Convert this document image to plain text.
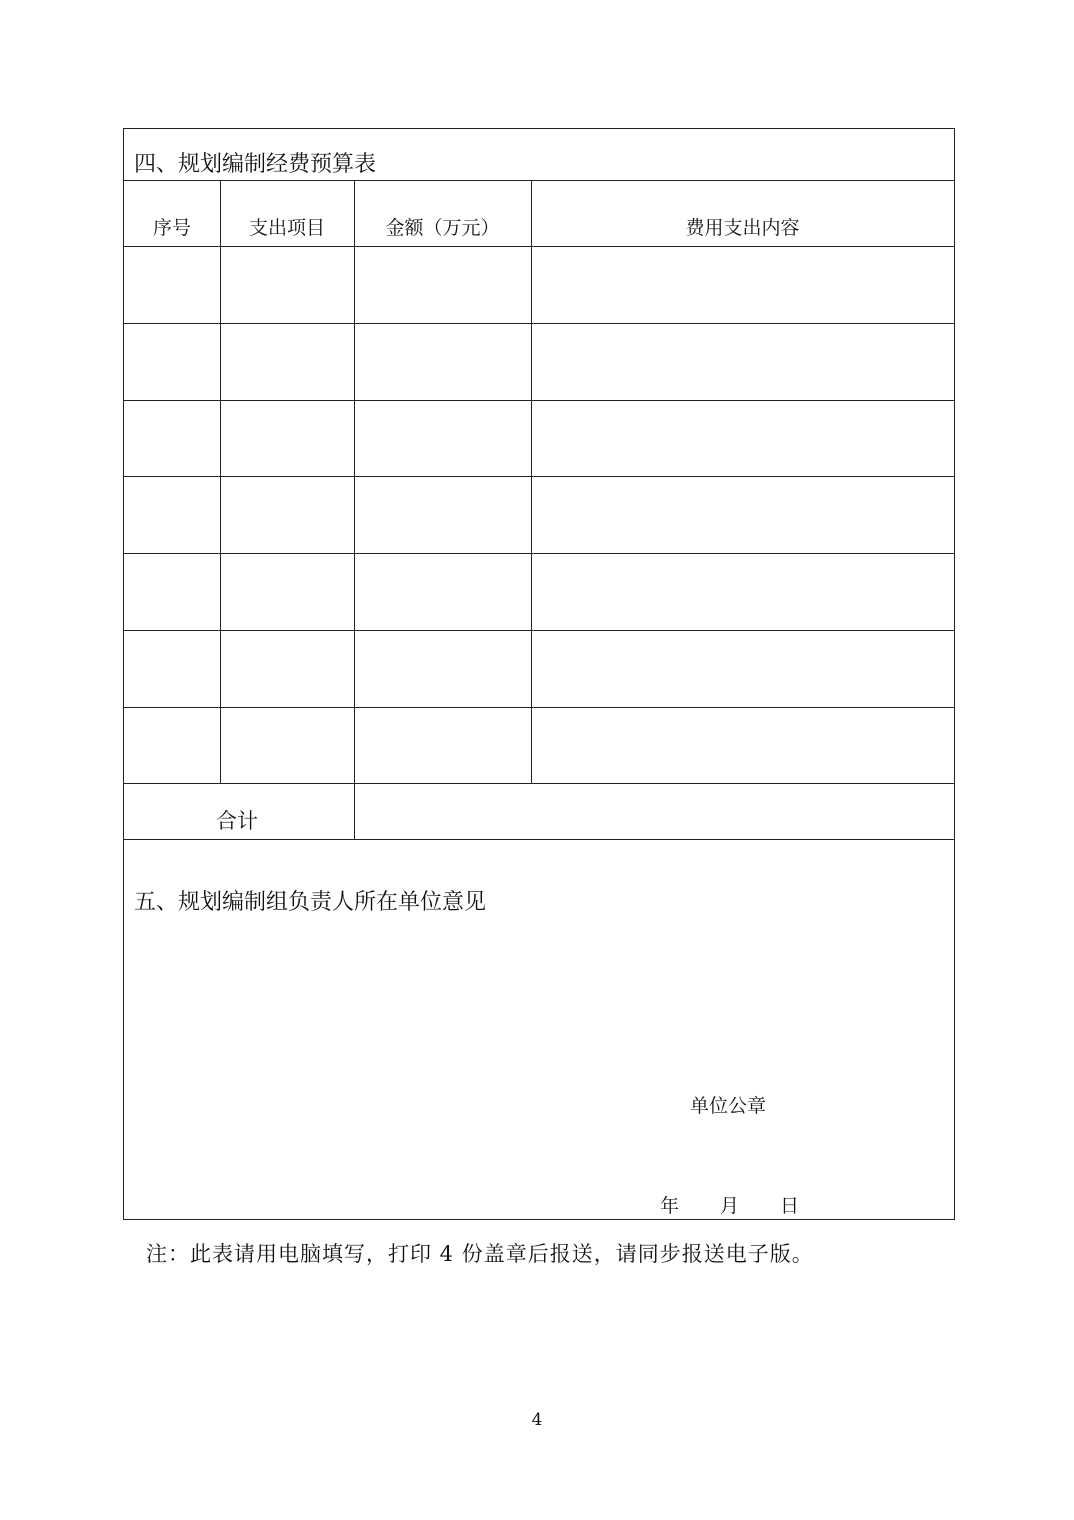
四、规划编制经费预算表
序号	支出项目	金额（万元）	费用支出内容
合计
五、规划编制组负责人所在单位意见
单位公章
年 月 日
注：此表请用电脑填写，打印 4 份盖章后报送，请同步报送电子版。
4
